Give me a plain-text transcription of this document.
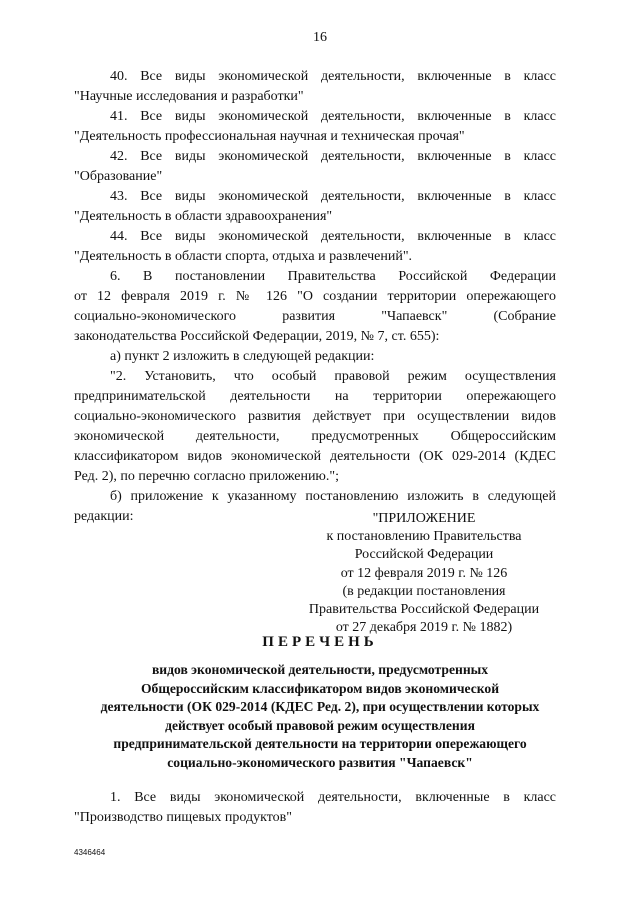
16

40. Все виды экономической деятельности, включенные в класс

"Научные исследования и разработки"

41. Все виды экономической деятельности, включенные в класс

"Деятельность профессиональная научная и техническая прочая"

42. Все виды экономической деятельности, включенные в класс

"Образование"

43. Все виды экономической деятельности, включенные в класс

"Деятельность в области здравоохранения"

44. Все виды экономической деятельности, включенные в класс

"Деятельность в области спорта, отдыха и развлечений".

6. В постановлении Правительства Российской Федерации

от 12 февраля 2019 г. № 126 "О создании территории опережающего

социально-экономического развития "Чапаевск" (Собрание

законодательства Российской Федерации, 2019, № 7, ст. 655):

а) пункт 2 изложить в следующей редакции:

"2. Установить, что особый правовой режим осуществления

предпринимательской деятельности на территории опережающего

социально-экономического развития действует при осуществлении видов

экономической деятельности, предусмотренных Общероссийским

классификатором видов экономической деятельности (ОК 029-2014 (КДЕС

Ред. 2), по перечню согласно приложению.";

б) приложение к указанному постановлению изложить в следующей

редакции:	"ПРИЛОЖЕНИЕ
к постановлению Правительства
Российской Федерации
от 12 февраля 2019 г. № 126
(в редакции постановления
Правительства Российской Федерации
от 27 декабря 2019 г. № 1882)
ПЕРЕЧЕНЬ
видов экономической деятельности, предусмотренных
Общероссийским классификатором видов экономической
деятельности (ОК 029-2014 (КДЕС Ред. 2), при осуществлении которых
действует особый правовой режим осуществления
предпринимательской деятельности на территории опережающего
социально-экономического развития "Чапаевск"

1. Все виды экономической деятельности, включенные в класс

"Производство пищевых продуктов"

4346464
